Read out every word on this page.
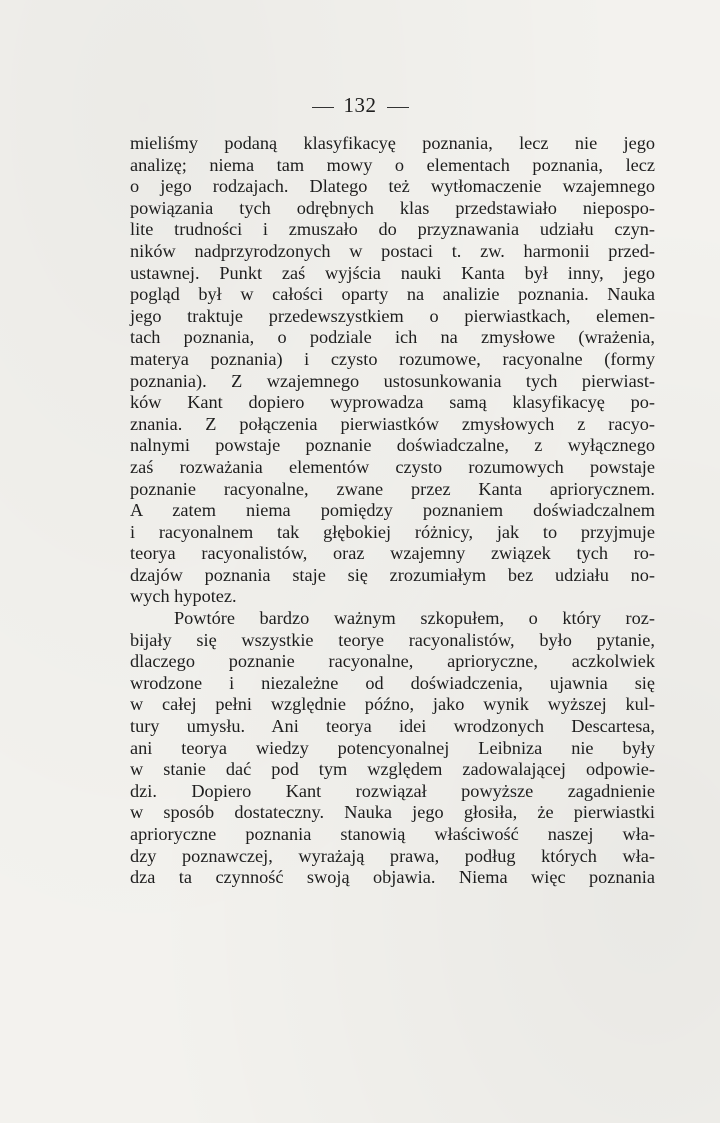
132
mieliśmy podaną klasyfikacyę poznania, lecz nie jego
analizę; niema tam mowy o elementach poznania, lecz
o jego rodzajach. Dlatego też wytłomaczenie wzajemnego
powiązania tych odrębnych klas przedstawiało niepospo-
lite trudności i zmuszało do przyznawania udziału czyn-
ników nadprzyrodzonych w postaci t. zw. harmonii przed-
ustawnej. Punkt zaś wyjścia nauki Kanta był inny, jego
pogląd był w całości oparty na analizie poznania. Nauka
jego traktuje przedewszystkiem o pierwiastkach, elemen-
tach poznania, o podziale ich na zmysłowe (wrażenia,
materya poznania) i czysto rozumowe, racyonalne (formy
poznania). Z wzajemnego ustosunkowania tych pierwiast-
ków Kant dopiero wyprowadza samą klasyfikacyę po-
znania. Z połączenia pierwiastków zmysłowych z racyo-
nalnymi powstaje poznanie doświadczalne, z wyłącznego
zaś rozważania elementów czysto rozumowych powstaje
poznanie racyonalne, zwane przez Kanta apriorycznem.
A zatem niema pomiędzy poznaniem doświadczalnem
i racyonalnem tak głębokiej różnicy, jak to przyjmuje
teorya racyonalistów, oraz wzajemny związek tych ro-
dzajów poznania staje się zrozumiałym bez udziału no-
wych hypotez.
Powtóre bardzo ważnym szkopułem, o który roz-
bijały się wszystkie teorye racyonalistów, było pytanie,
dlaczego poznanie racyonalne, aprioryczne, aczkolwiek
wrodzone i niezależne od doświadczenia, ujawnia się
w całej pełni względnie późno, jako wynik wyższej kul-
tury umysłu. Ani teorya idei wrodzonych Descartesa,
ani teorya wiedzy potencyonalnej Leibniza nie były
w stanie dać pod tym względem zadowalającej odpowie-
dzi. Dopiero Kant rozwiązał powyższe zagadnienie
w sposób dostateczny. Nauka jego głosiła, że pierwiastki
aprioryczne poznania stanowią właściwość naszej wła-
dzy poznawczej, wyrażają prawa, podług których wła-
dza ta czynność swoją objawia. Niema więc poznania
